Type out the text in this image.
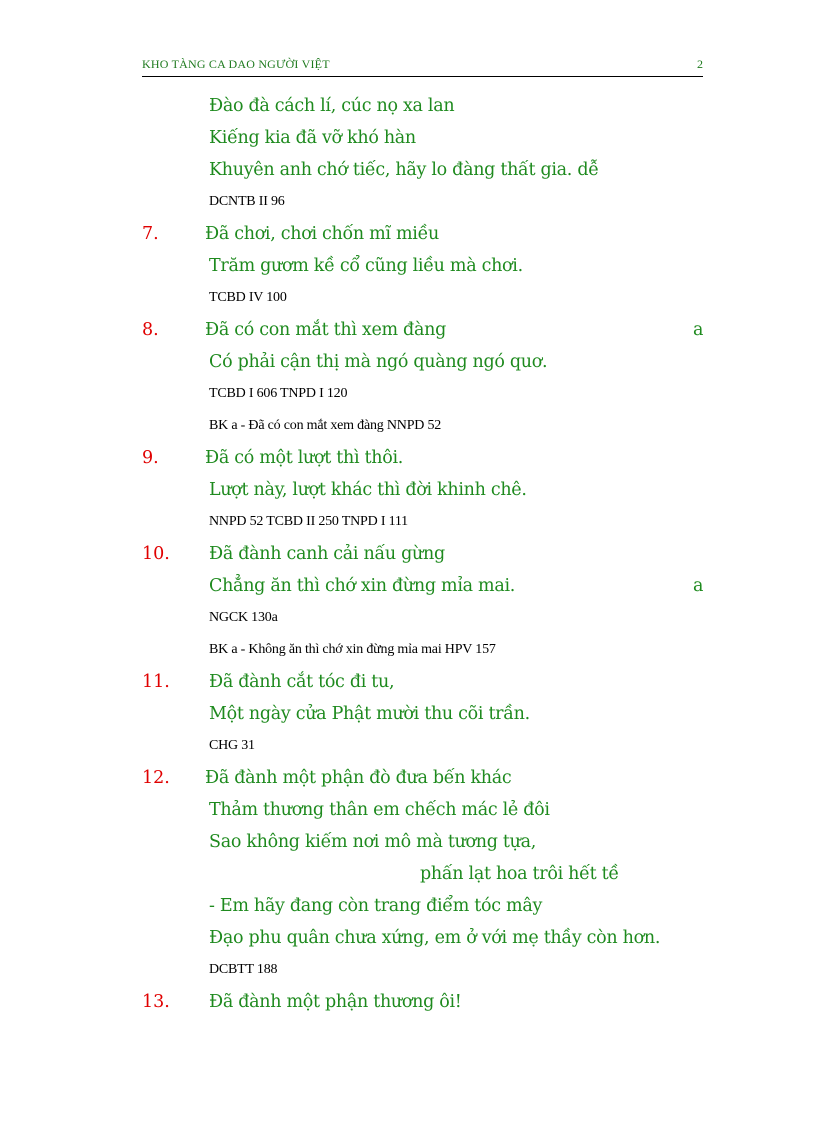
KHO TÀNG CA DAO NGƯỜI VIỆT	2
Đào đà cách lí, cúc nọ xa lan
Kiếng kia đã vỡ khó hàn
Khuyên anh chớ tiếc, hãy lo đàng thất gia. dễ
DCNTB II 96
7.	Đã chơi, chơi chốn mĩ miều
Trăm gươm kề cổ cũng liều mà chơi.
TCBD IV 100
8.	Đã có con mắt thì xem đàng	a
Có phải cận thị mà ngó quàng ngó quơ.
TCBD I 606 TNPD I 120
BK a - Đã có con mắt xem đàng NNPD 52
9.	Đã có một lượt thì thôi.
Lượt này, lượt khác thì đời khinh chê.
NNPD 52 TCBD II 250 TNPD I 111
10. Đã đành canh cải nấu gừng
Chẳng ăn thì chớ xin đừng mỉa mai.	a
NGCK 130a
BK a - Không ăn thì chớ xin đừng mỉa mai HPV 157
11. Đã đành cắt tóc đi tu,
Một ngày cửa Phật mười thu cõi trần.
CHG 31
12. Đã đành một phận đò đưa bến khác
Thảm thương thân em chếch mác lẻ đôi
Sao không kiếm nơi mô mà tương tựa,
phấn lạt hoa trôi hết tề
- Em hãy đang còn trang điểm tóc mây
Đạo phu quân chưa xứng, em ở với mẹ thầy còn hơn.
DCBTT 188
13. Đã đành một phận thương ôi!
